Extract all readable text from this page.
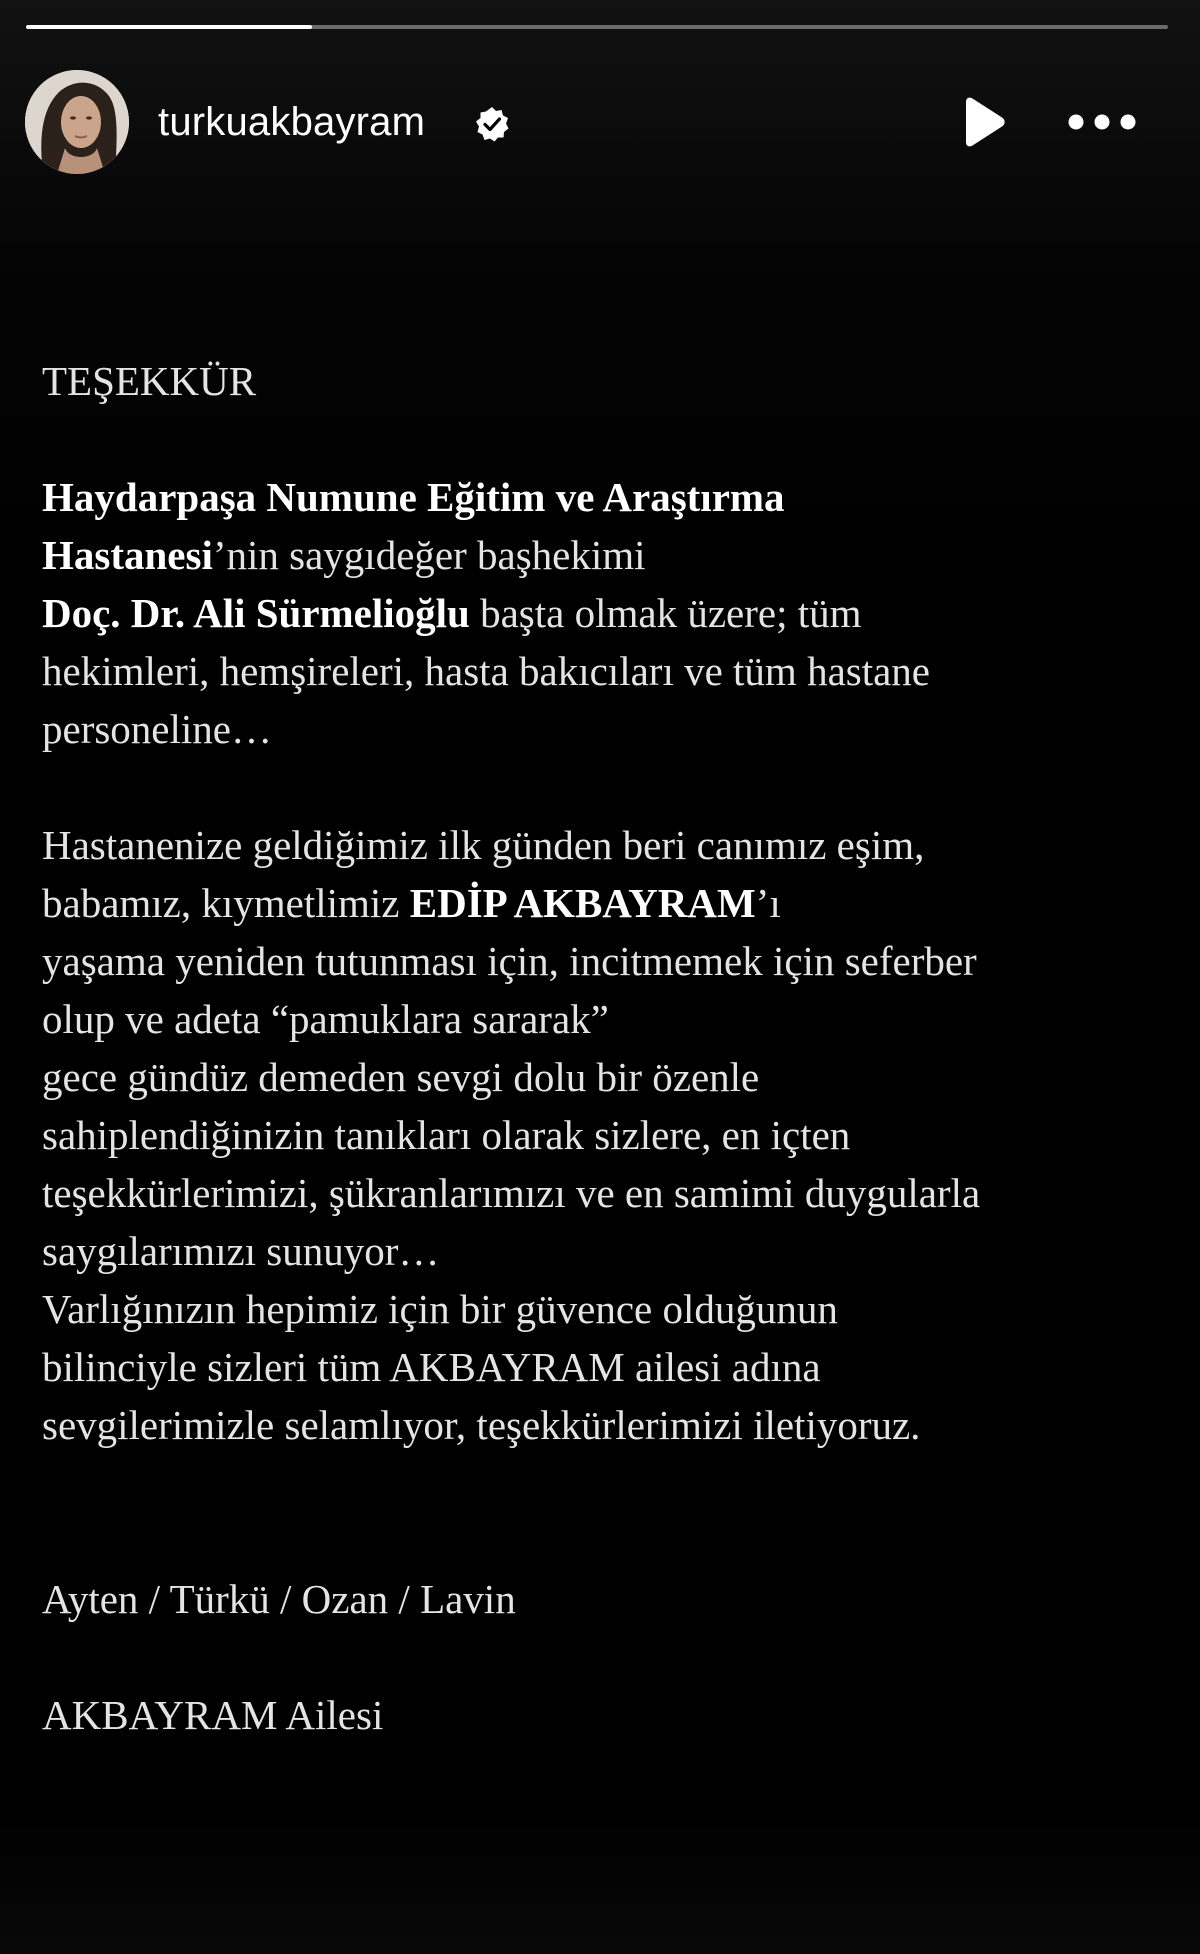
turkuakbayram
TEŞEKKÜR
Haydarpaşa Numune Eğitim ve Araştırma
Hastanesi’nin saygıdeğer başhekimi
Doç. Dr. Ali Sürmelioğlu başta olmak üzere; tüm
hekimleri, hemşireleri, hasta bakıcıları ve tüm hastane
personeline…
Hastanenize geldiğimiz ilk günden beri canımız eşim,
babamız, kıymetlimiz EDİP AKBAYRAM’ı
yaşama yeniden tutunması için, incitmemek için seferber
olup ve adeta “pamuklara sararak”
gece gündüz demeden sevgi dolu bir özenle
sahiplendiğinizin tanıkları olarak sizlere, en içten
teşekkürlerimizi, şükranlarımızı ve en samimi duygularla
saygılarımızı sunuyor…
Varlığınızın hepimiz için bir güvence olduğunun
bilinciyle sizleri tüm AKBAYRAM ailesi adına
sevgilerimizle selamlıyor, teşekkürlerimizi iletiyoruz.
Ayten / Türkü / Ozan / Lavin
AKBAYRAM Ailesi
